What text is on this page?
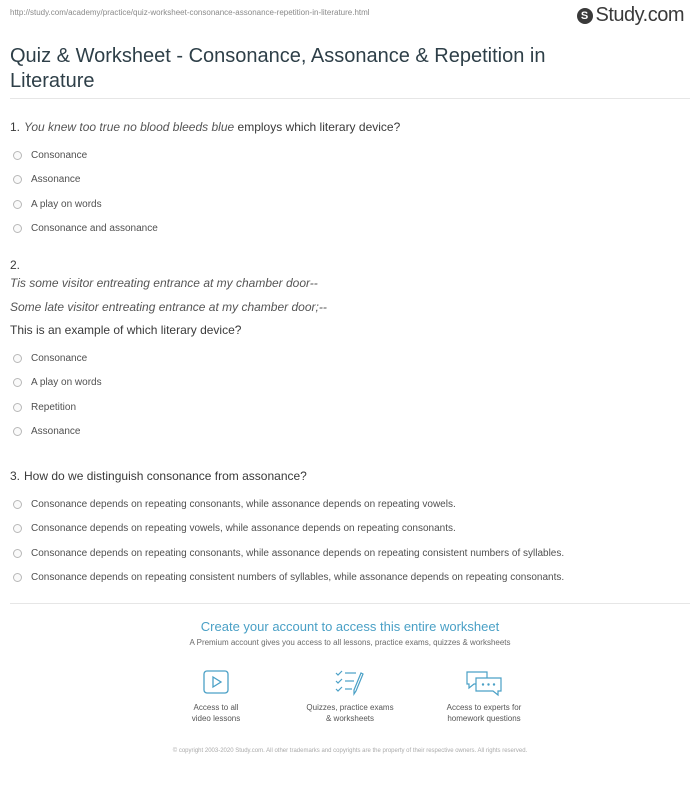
http://study.com/academy/practice/quiz-worksheet-consonance-assonance-repetition-in-literature.html	S Study.com
Quiz & Worksheet - Consonance, Assonance & Repetition in Literature
1. You knew too true no blood bleeds blue employs which literary device?
Consonance
Assonance
A play on words
Consonance and assonance
2.
Tis some visitor entreating entrance at my chamber door--
Some late visitor entreating entrance at my chamber door;--
This is an example of which literary device?
Consonance
A play on words
Repetition
Assonance
3. How do we distinguish consonance from assonance?
Consonance depends on repeating consonants, while assonance depends on repeating vowels.
Consonance depends on repeating vowels, while assonance depends on repeating consonants.
Consonance depends on repeating consonants, while assonance depends on repeating consistent numbers of syllables.
Consonance depends on repeating consistent numbers of syllables, while assonance depends on repeating consonants.
Create your account to access this entire worksheet
A Premium account gives you access to all lessons, practice exams, quizzes & worksheets
Access to all
video lessons
Quizzes, practice exams
& worksheets
Access to experts for
homework questions
© copyright 2003-2020 Study.com. All other trademarks and copyrights are the property of their respective owners. All rights reserved.
